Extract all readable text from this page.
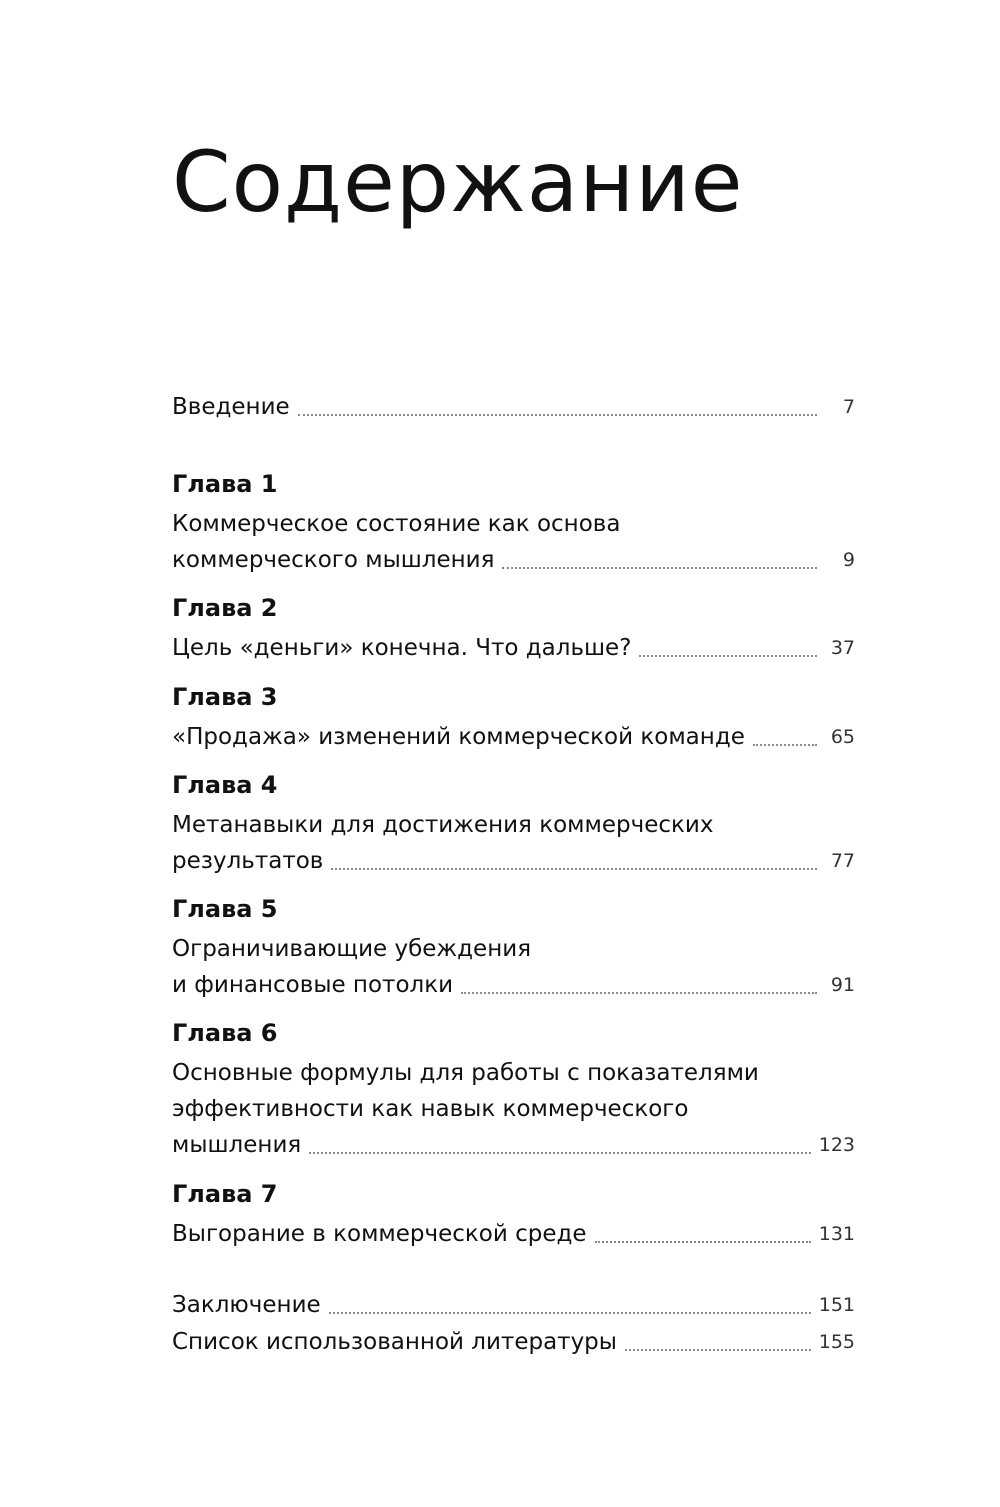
Содержание
Введение	7
Глава 1
Коммерческое состояние как основа
коммерческого мышления	9
Глава 2
Цель «деньги» конечна. Что дальше?	37
Глава 3
«Продажа» изменений коммерческой команде	65
Глава 4
Метанавыки для достижения коммерческих
результатов	77
Глава 5
Ограничивающие убеждения
и финансовые потолки	91
Глава 6
Основные формулы для работы с показателями
эффективности как навык коммерческого
мышления	123
Глава 7
Выгорание в коммерческой среде	131
Заключение	151
Список использованной литературы	155
